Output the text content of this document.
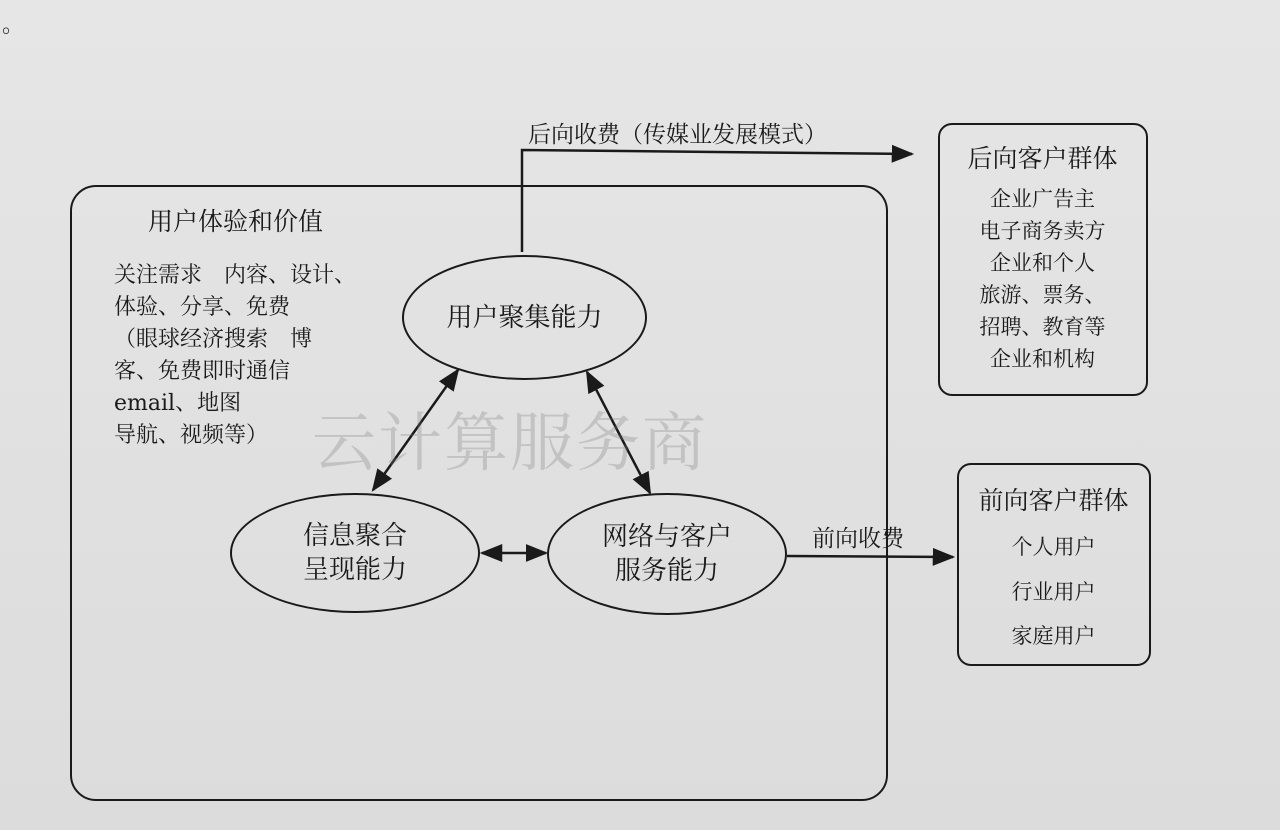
。
用户体验和价值
关注需求　内容、设计、
体验、分享、免费
（眼球经济搜索　博
客、免费即时通信
email、地图
导航、视频等） 云计算服务商
用户聚集能力
信息聚合
呈现能力
网络与客户
服务能力
后向收费（传媒业发展模式）
前向收费
后向客户群体
企业广告主
电子商务卖方
企业和个人
旅游、票务、
招聘、教育等
企业和机构
前向客户群体
个人用户
行业用户
家庭用户
